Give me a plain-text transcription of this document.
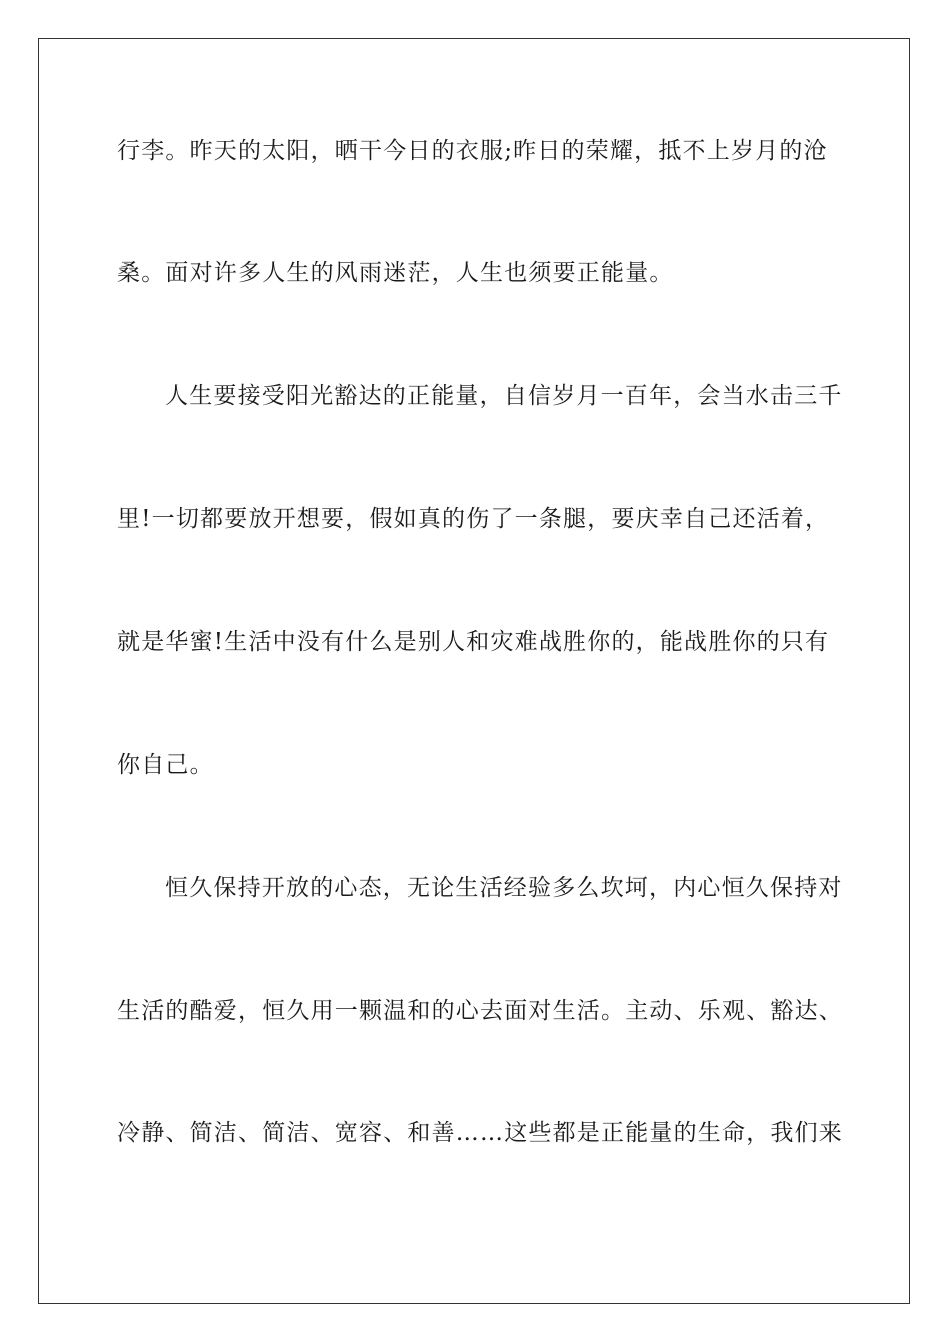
行李。昨天的太阳，晒干今日的衣服;昨日的荣耀，抵不上岁月的沧
桑。面对许多人生的风雨迷茫，人生也须要正能量。
人生要接受阳光豁达的正能量，自信岁月一百年，会当水击三千
里!一切都要放开想要，假如真的伤了一条腿，要庆幸自己还活着，
就是华蜜!生活中没有什么是别人和灾难战胜你的，能战胜你的只有
你自己。
恒久保持开放的心态，无论生活经验多么坎坷，内心恒久保持对
生活的酷爱，恒久用一颗温和的心去面对生活。主动、乐观、豁达、
冷静、简洁、简洁、宽容、和善……这些都是正能量的生命，我们来
